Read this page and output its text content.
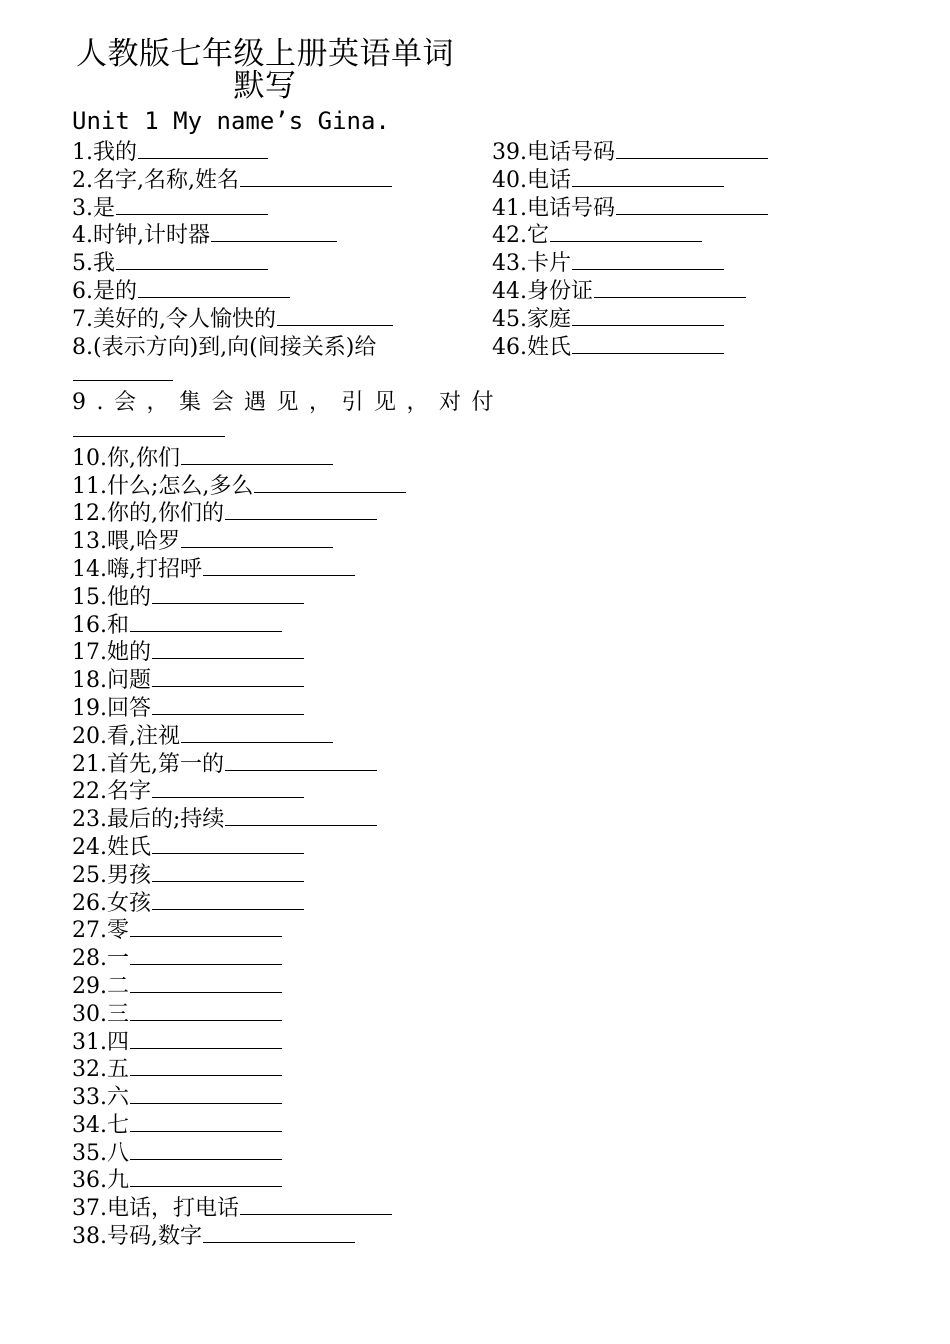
人教版七年级上册英语单词
默写
Unit 1 My name’s Gina.
1.我的
2.名字,名称,姓名
3.是
4.时钟,计时器
5.我
6.是的
7.美好的,令人愉快的
8.(表示方向)到,向(间接关系)给
9.会，集会遇见，引见，对付
10.你,你们
11.什么;怎么,多么
12.你的,你们的
13.喂,哈罗
14.嗨,打招呼
15.他的
16.和
17.她的
18.问题
19.回答
20.看,注视
21.首先,第一的
22.名字
23.最后的;持续
24.姓氏
25.男孩
26.女孩
27.零
28.一
29.二
30.三
31.四
32.五
33.六
34.七
35.八
36.九
37.电话，打电话
38.号码,数字
39.电话号码
40.电话
41.电话号码
42.它
43.卡片
44.身份证
45.家庭
46.姓氏
